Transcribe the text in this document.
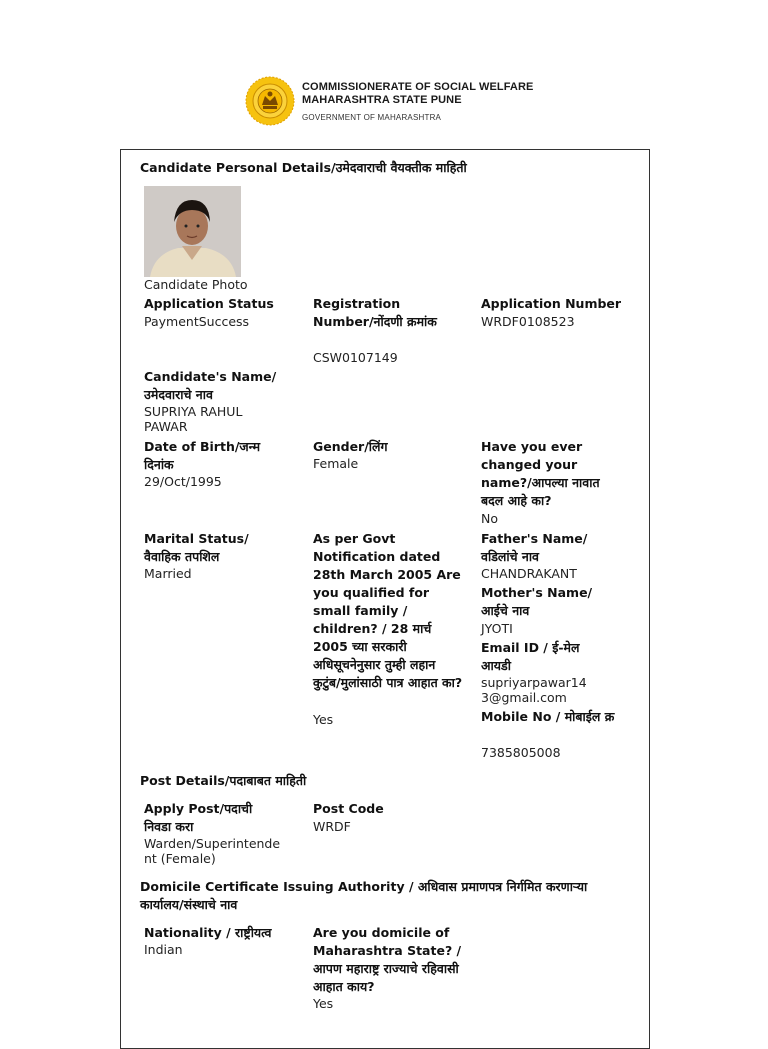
COMMISSIONERATE OF SOCIAL WELFARE
MAHARASHTRA STATE PUNE
GOVERNMENT OF MAHARASHTRA
Candidate Personal Details/उमेदवाराची वैयक्तीक माहिती
Candidate Photo
Application Status
PaymentSuccess
Registration Number/नोंदणी क्रमांक
CSW0107149
Application Number
WRDF0108523
Candidate's Name/ उमेदवाराचे नाव
SUPRIYA RAHUL PAWAR
Date of Birth/जन्म दिनांक
29/Oct/1995
Gender/लिंग
Female
Have you ever changed your name?/आपल्या नावात बदल आहे का?
No
Marital Status/ वैवाहिक तपशिल
Married
As per Govt Notification dated 28th March 2005 Are you qualified for small family / children? / 28 मार्च 2005 च्या सरकारी अधिसूचनेनुसार तुम्ही लहान कुटुंब/मुलांसाठी पात्र आहात का?
Yes
Father's Name/ वडिलांचे नाव
CHANDRAKANT
Mother's Name/ आईचे नाव
JYOTI
Email ID / ई-मेल आयडी
supriyarpawar143@gmail.com
Mobile No / मोबाईल क्र
7385805008
Post Details/पदाबाबत माहिती
Apply Post/पदाची निवडा करा
Warden/Superintendent (Female)
Post Code
WRDF
Domicile Certificate Issuing Authority / अधिवास प्रमाणपत्र निर्गमित करणाऱ्या कार्यालय/संस्थाचे नाव
Nationality / राष्ट्रीयत्व
Indian
Are you domicile of Maharashtra State? / आपण महाराष्ट्र राज्याचे रहिवासी आहात काय?
Yes
